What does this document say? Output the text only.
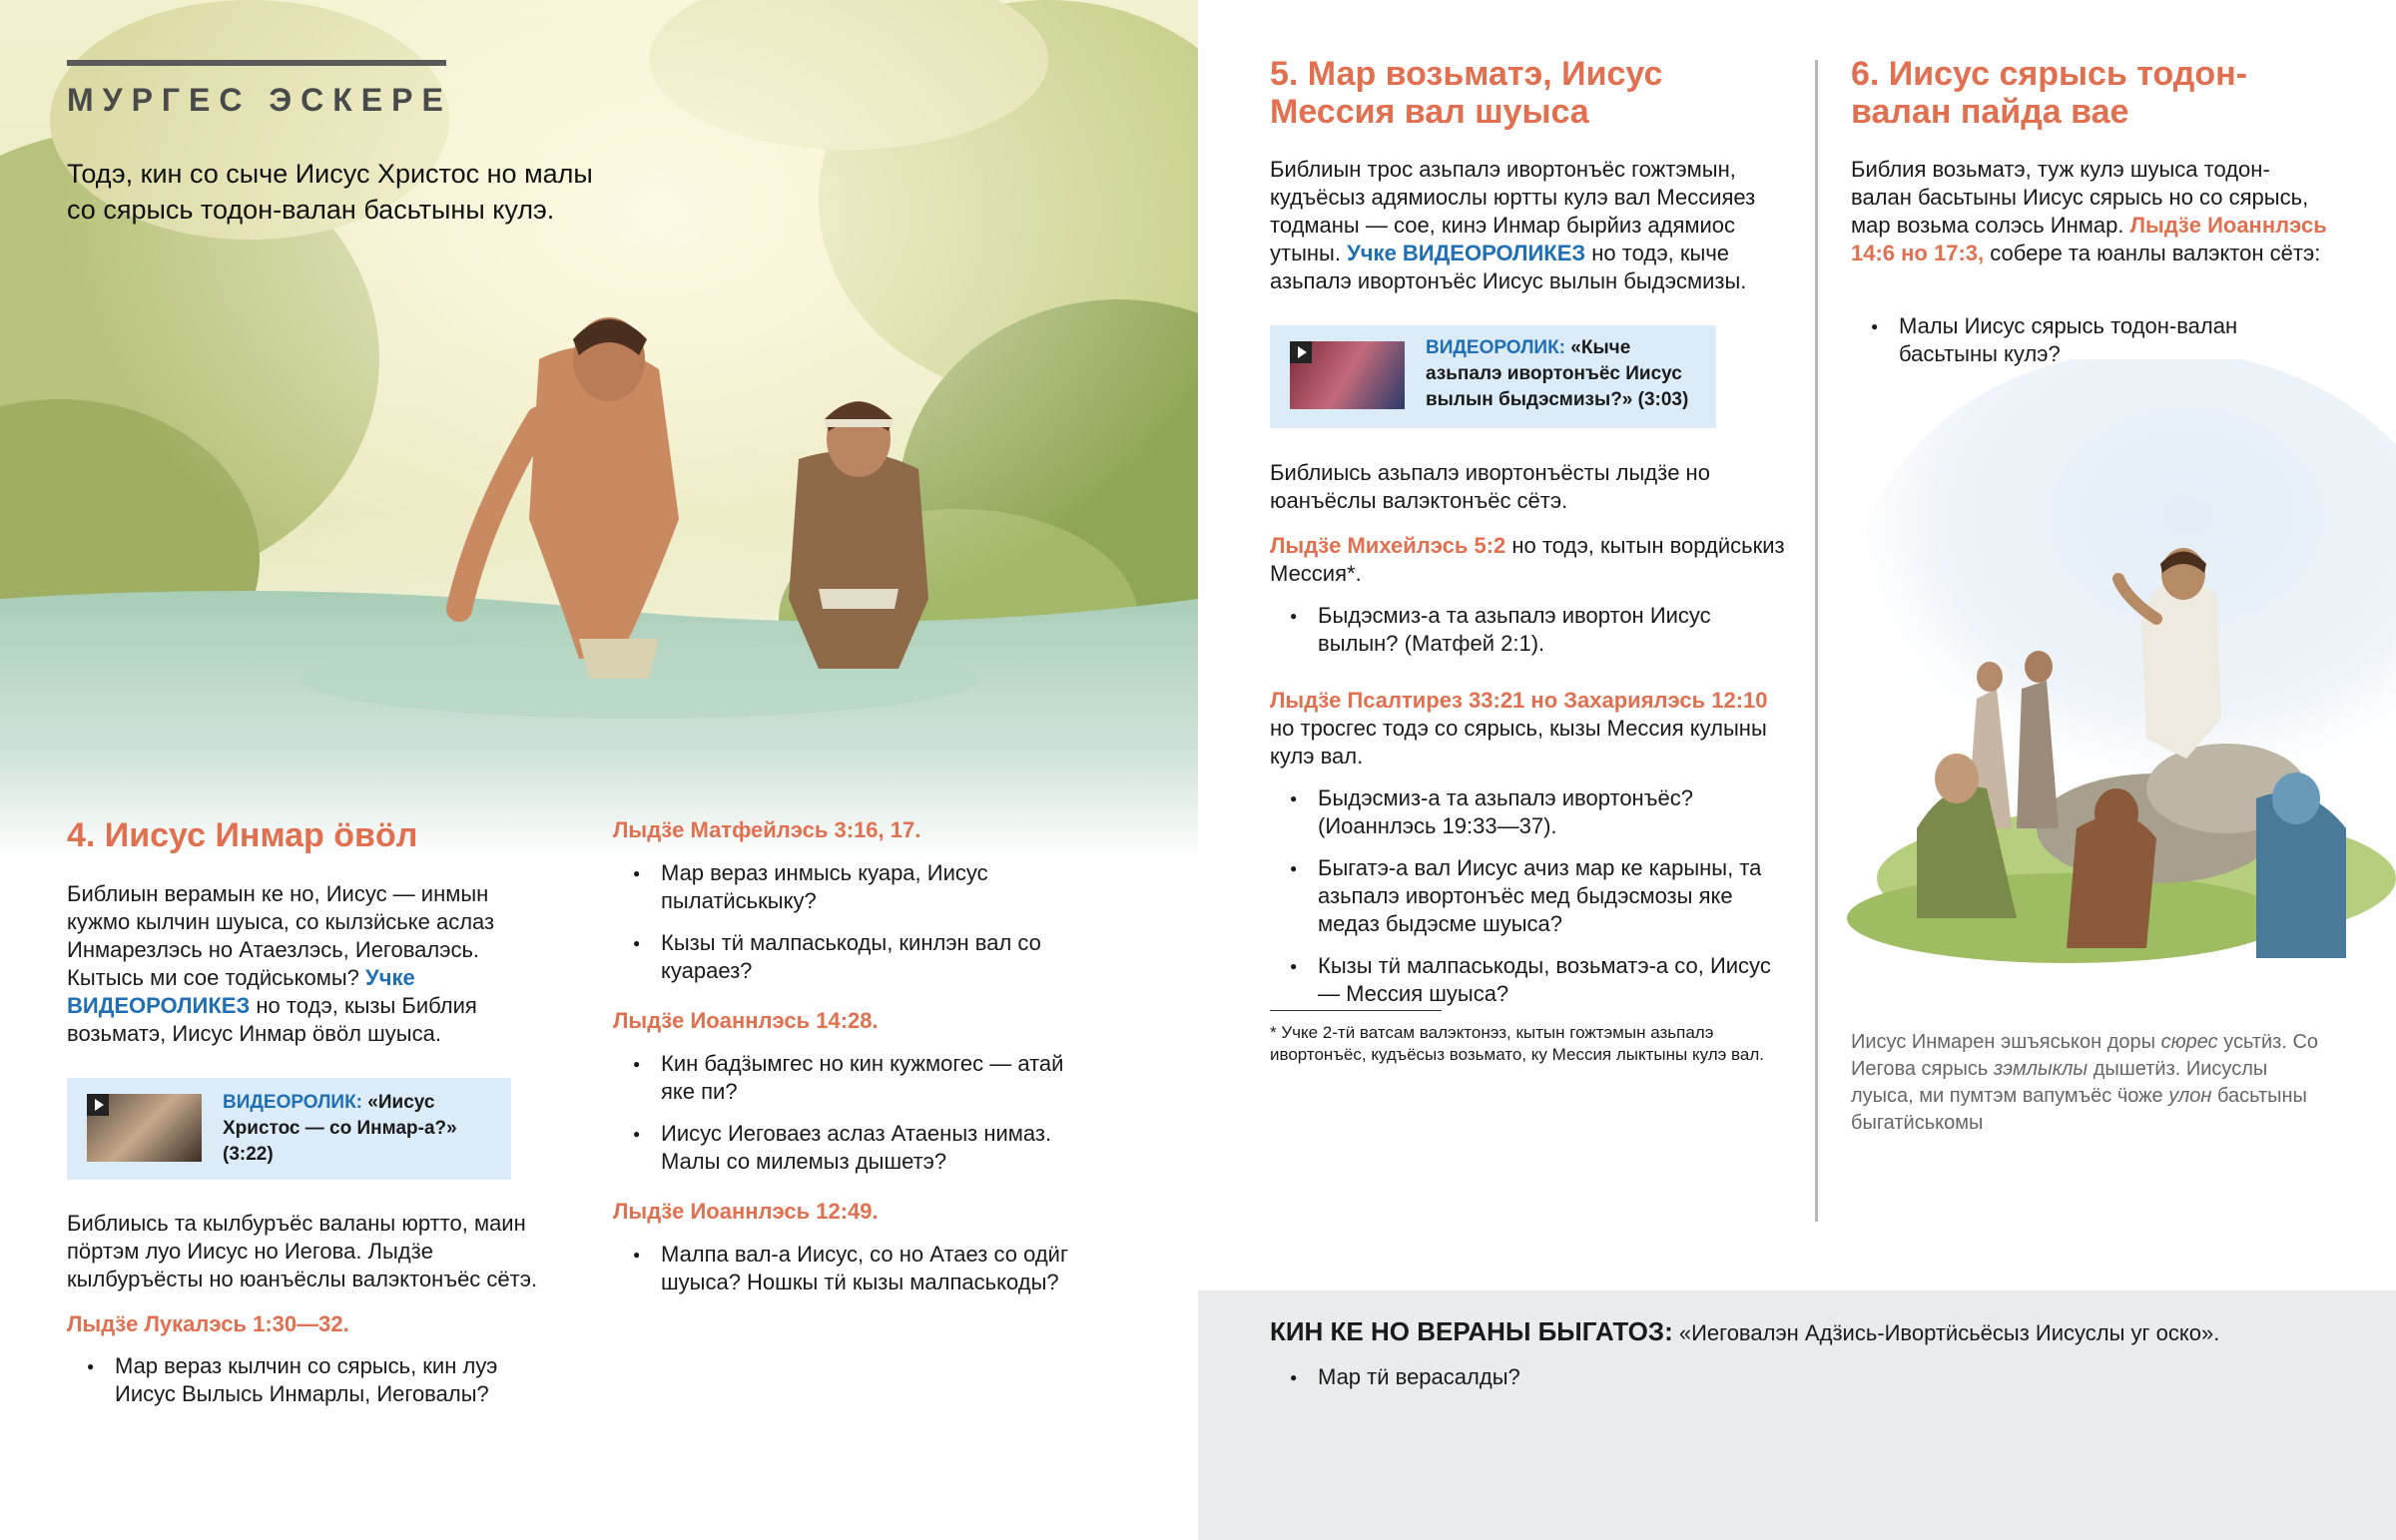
МУРГЕС ЭСКЕРЕ

Тодэ, кин со сыче Иисус Христос но малы со сярысь тодон-валан басьтыны кулэ.

4. Иисус Инмар ӧвӧл

Библиын верамын ке но, Иисус — инмын кужмо кылчин шуыса, со кылзӥське аслаз Инмарезлэсь но Атаезлэсь, Иеговалэсь. Кытысь ми сое тодӥськомы? Учке ВИДЕОРОЛИКЕЗ но тодэ, кызы Библия возьматэ, Иисус Инмар ӧвӧл шуыса.

ВИДЕОРОЛИК: «Иисус Христос — со Инмар-а?» (3:22)

Библиысь та кылбуръёс валаны юртто, маин пӧртэм луо Иисус но Иегова. Лыдӟе кылбуръёсты но юанъёслы валэктонъёс сётэ.

Лыдӟе Лукалэсь 1:30—32.
● Мар вераз кылчин со сярысь, кин луэ Иисус Вылысь Инмарлы, Иеговалы?
Лыдӟе Матфейлэсь 3:16, 17.
● Мар вераз инмысь куара, Иисус пылатӥськыку?
● Кызы тӥ малпаськоды, кинлэн вал со куараез?
Лыдӟе Иоаннлэсь 14:28.
● Кин бадӟымгес но кин кужмогес — атай яке пи?
● Иисус Иеговаез аслаз Атаеныз нимаз. Малы со милемыз дышетэ?
Лыдӟе Иоаннлэсь 12:49.
● Малпа вал-а Иисус, со но Атаез со одӥг шуыса? Ношкы тӥ кызы малпаськоды?
5. Мар возьматэ, Иисус Мессия вал шуыса

Библиын трос азьпалэ ивортонъёс гожтэмын, кудъёсыз адямиослы юртты кулэ вал Мессияез тодманы — сое, кинэ Инмар бырйиз адямиос утыны. Учке ВИДЕОРОЛИКЕЗ но тодэ, кыче азьпалэ ивортонъёс Иисус вылын быдэсмизы.

ВИДЕОРОЛИК: «Кыче азьпалэ ивортонъёс Иисус вылын быдэсмизы?» (3:03)

Библиысь азьпалэ ивортонъёсты лыдӟе но юанъёслы валэктонъёс сётэ.

Лыдӟе Михейлэсь 5:2 но тодэ, кытын вордӥськиз Мессия*.

● Быдэсмиз-а та азьпалэ ивортон Иисус вылын? (Матфей 2:1).

Лыдӟе Псалтирез 33:21 но Захариялэсь 12:10 но тросгес тодэ со сярысь, кызы Мессия кулыны кулэ вал.

● Быдэсмиз-а та азьпалэ ивортонъёс? (Иоаннлэсь 19:33—37).
● Быгатэ-а вал Иисус ачиз мар ке карыны, та азьпалэ ивортонъёс мед быдэсмозы яке медаз быдэсме шуыса?
● Кызы тӥ малпаськоды, возьматэ-а со, Иисус — Мессия шуыса?

* Учке 2-тӥ ватсам валэктонэз, кытын гожтэмын азьпалэ ивортонъёс, кудъёсыз возьмато, ку Мессия лыктыны кулэ вал.

6. Иисус сярысь тодон-валан пайда вае

Библия возьматэ, туж кулэ шуыса тодон-валан басьтыны Иисус сярысь но со сярысь, мар возьма солэсь Инмар. Лыдӟе Иоаннлэсь 14:6 но 17:3, собере та юанлы валэктон сётэ:

● Малы Иисус сярысь тодон-валан басьтыны кулэ?

Иисус Инмарен эшъяськон доры сюрес усьтӥз. Со Иегова сярысь зэмлыклы дышетӥз. Иисуслы луыса, ми пумтэм вапумъёс ӵоже улон басьтыны быгатӥськомы

КИН КЕ НО ВЕРАНЫ БЫГАТОЗ: «Иеговалэн Адӟись-Ивортӥсьёсыз Иисуслы уг оско».

● Мар тӥ верасалды?
